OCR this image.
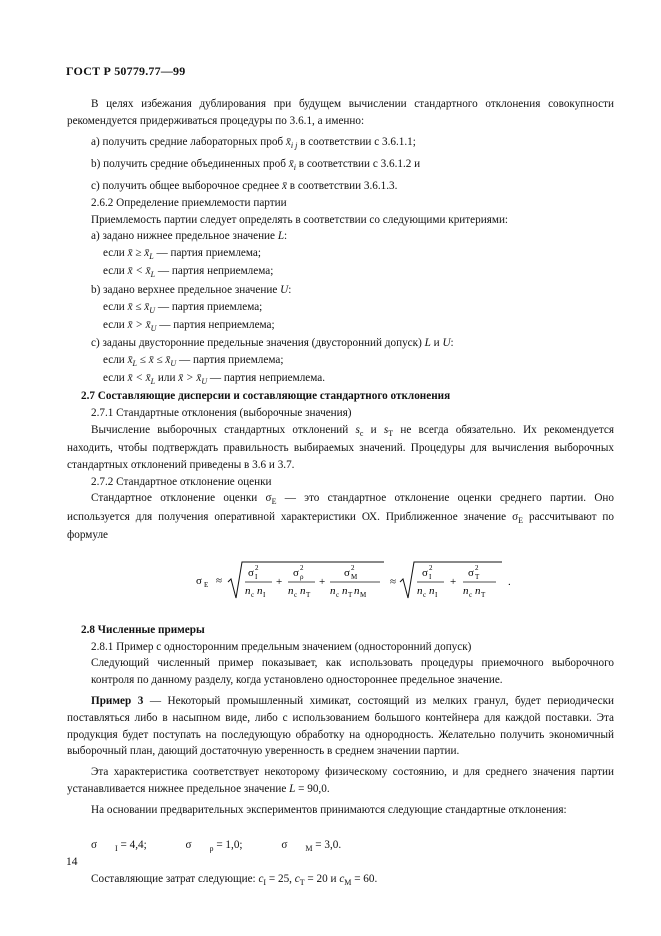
ГОСТ Р 50779.77—99

В целях избежания дублирования при будущем вычислении стандартного отклонения совокупности рекомендуется придерживаться процедуры по 3.6.1, а именно:

а) получить средние лабораторных проб $x̄_{i j}$ в соответствии с 3.6.1.1;

b) получить средние объединенных проб $x̄_i$ в соответствии с 3.6.1.2 и

с) получить общее выборочное среднее x̄ в соответствии 3.6.1.3.

2.6.2 Определение приемлемости партии

Приемлемость партии следует определять в соответствии со следующими критериями:

а) задано нижнее предельное значение L:

если x̄ ≥ $x̄_L$ — партия приемлема;

если x̄ < $x̄_L$ — партия неприемлема;

b) задано верхнее предельное значение U:

если x̄ ≤ $x̄_U$ — партия приемлема;

если x̄ > $x̄_U$ — партия неприемлема;

с) заданы двусторонние предельные значения (двусторонний допуск) L и U:

если $x̄_L$ ≤ x̄ ≤ $x̄_U$ — партия приемлема;

если x̄ < $x̄_L$ или x̄ > $x̄_U$ — партия неприемлема.

2.7 Составляющие дисперсии и составляющие стандартного отклонения

2.7.1 Стандартные отклонения (выборочные значения)

Вычисление выборочных стандартных отклонений $s_с$ и $s_T$ не всегда обязательно. Их рекомендуется находить, чтобы подтверждать правильность выбираемых значений. Процедуры для вычисления выборочных стандартных отклонений приведены в 3.6 и 3.7.

2.7.2 Стандартное отклонение оценки

Стандартное отклонение оценки $\sigma_E$ — это стандартное отклонение оценки среднего партии. Оно используется для получения оперативной характеристики ОХ. Приближенное значение $\sigma_E$ рассчитывают по формуле

σ E ≈
σ 2
I
n c n I
+
σ 2
ρ
n c n T
+
σ 2
M
n c n T n M
≈
σ 2
I
n c n I
+
σ 2
T
n c n T
.

2.8 Численные примеры

2.8.1 Пример с односторонним предельным значением (односторонний допуск)

Следующий численный пример показывает, как использовать процедуры приемочного выборочного контроля по данному разделу, когда установлено одностороннее предельное значение.

Пример 3 — Некоторый промышленный химикат, состоящий из мелких гранул, будет периодически поставляться либо в насыпном виде, либо с использованием большого контейнера для каждой поставки. Эта продукция будет поступать на последующую обработку на однородность. Желательно получить экономичный выборочный план, дающий достаточную уверенность в среднем значении партии.

Эта характеристика соответствует некоторому физическому состоянию, и для среднего значения партии устанавливается нижнее предельное значение L = 90,0.

На основании предварительных экспериментов принимаются следующие стандартные отклонения:

σ $_I$ = 4,4;	σ $_\rho$ = 1,0;	σ $_M$ = 3,0.

Составляющие затрат следующие: $c_I = 25$, $c_T = 20$ и $c_M = 60$.

14
